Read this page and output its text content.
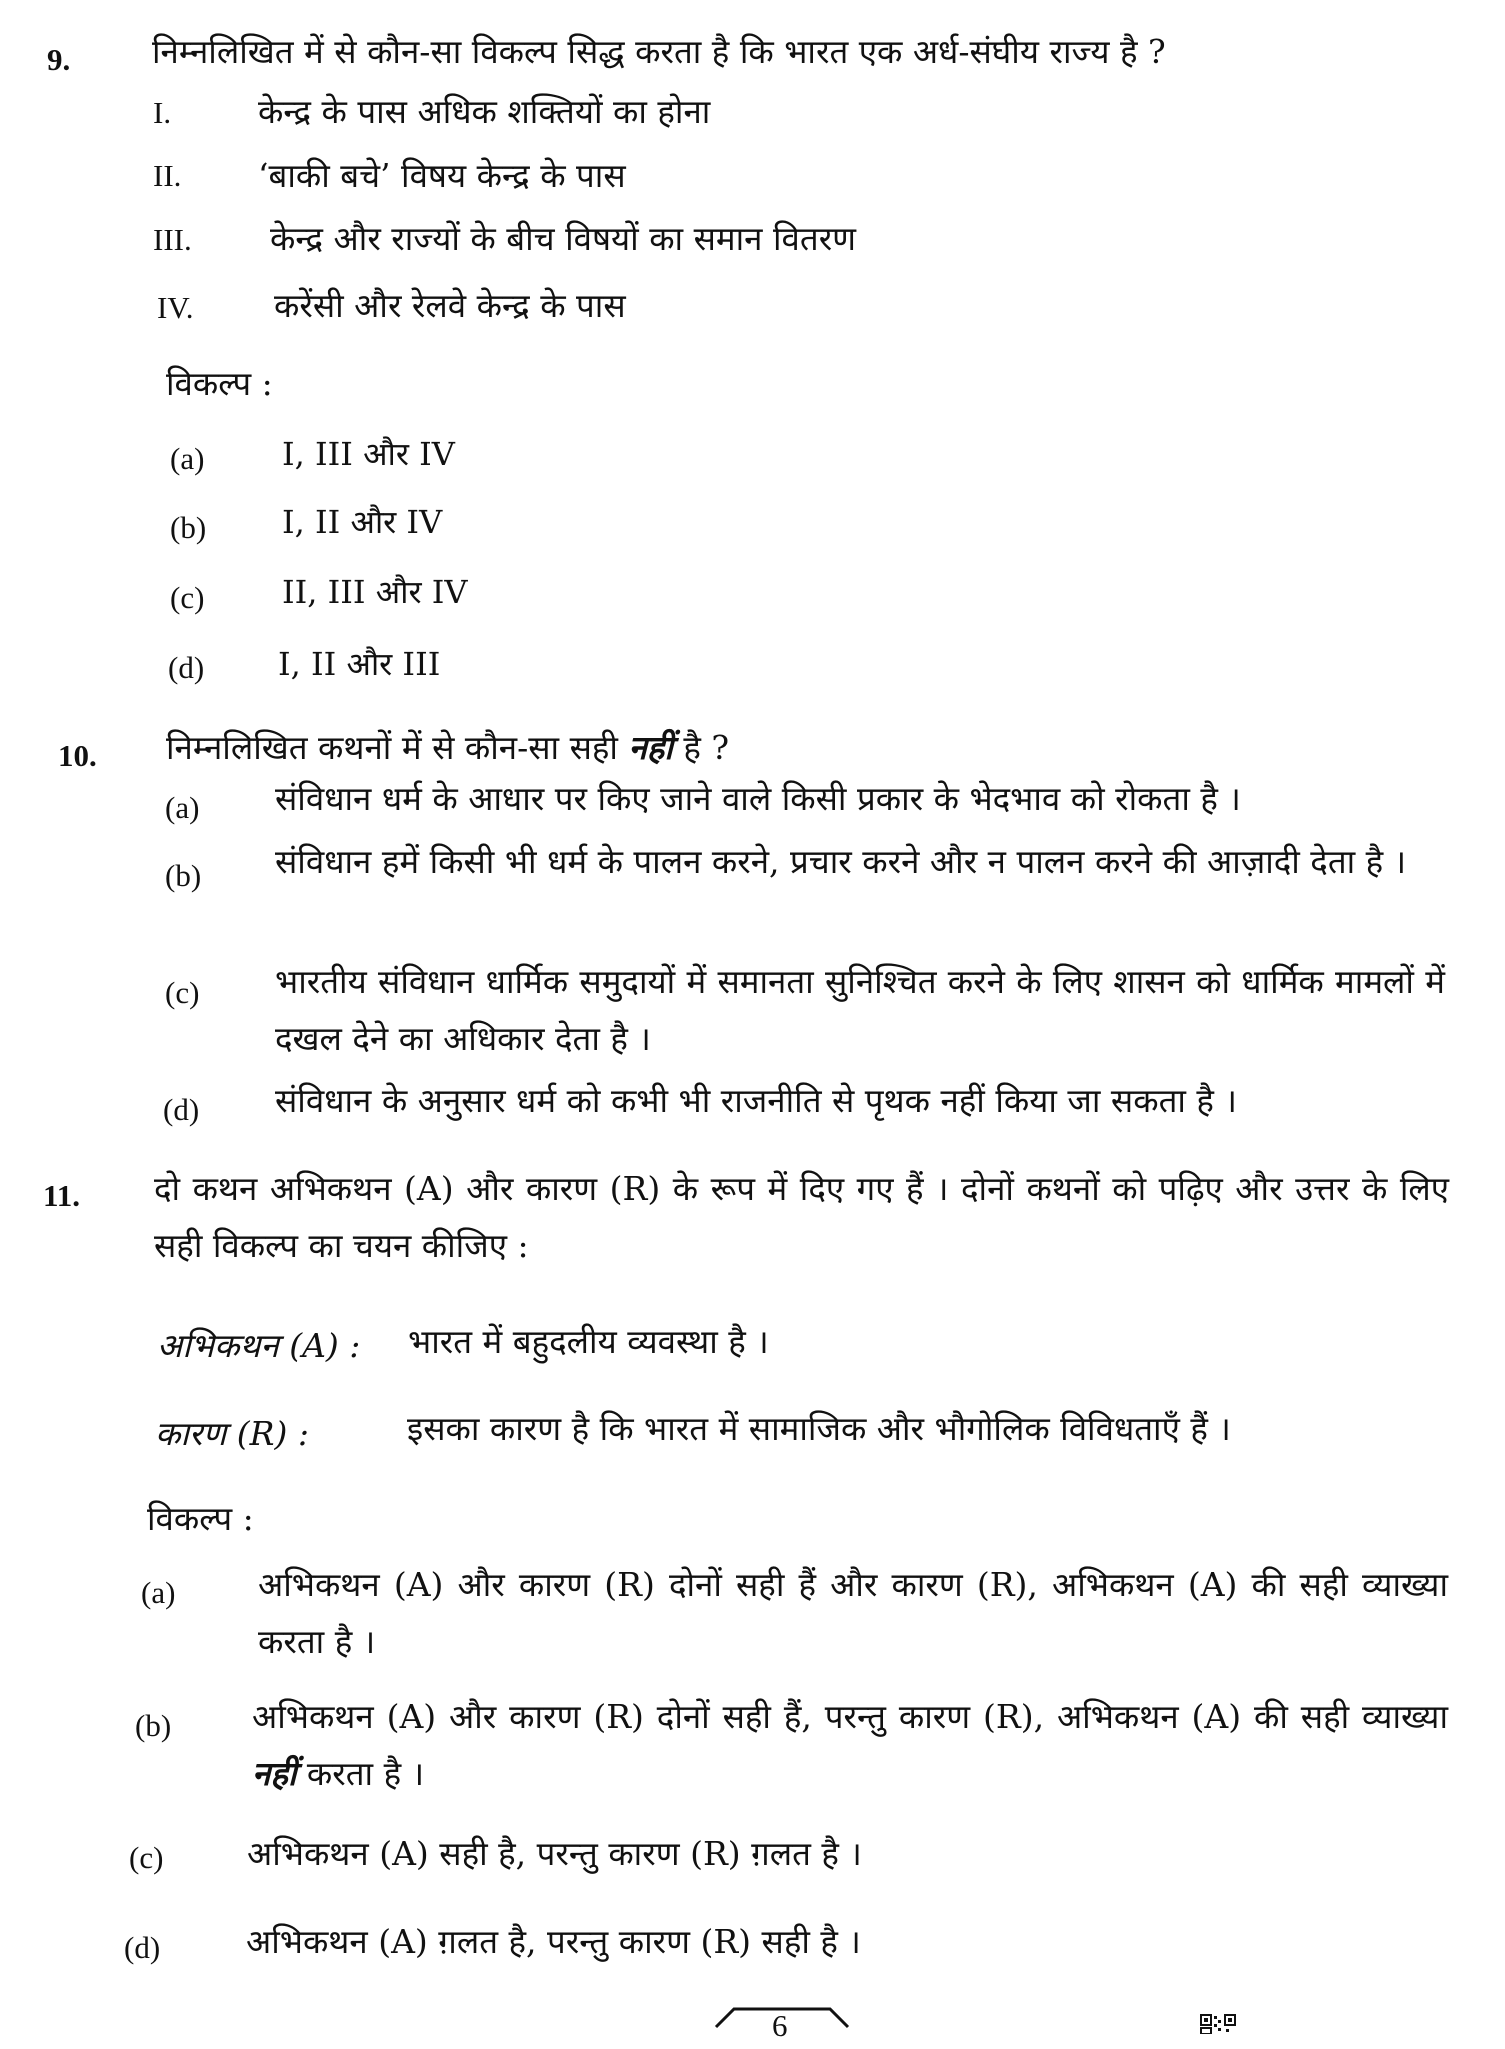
9. निम्नलिखित में से कौन-सा विकल्प सिद्ध करता है कि भारत एक अर्ध-संघीय राज्य है ?
I.	केन्द्र के पास अधिक शक्तियों का होना
II. ‘बाकी बचे’ विषय केन्द्र के पास
III. केन्द्र और राज्यों के बीच विषयों का समान वितरण
IV. करेंसी और रेलवे केन्द्र के पास
विकल्प :
(a) I, III और IV
(b) I, II और IV
(c) II, III और IV
(d) I, II और III
10. निम्नलिखित कथनों में से कौन-सा सही नहीं है ?
(a) संविधान धर्म के आधार पर किए जाने वाले किसी प्रकार के भेदभाव को रोकता है ।
(b) संविधान हमें किसी भी धर्म के पालन करने, प्रचार करने और न पालन करने की आज़ादी देता है ।
(c) भारतीय संविधान धार्मिक समुदायों में समानता सुनिश्चित करने के लिए शासन को धार्मिक मामलों में दखल देने का अधिकार देता है ।
(d) संविधान के अनुसार धर्म को कभी भी राजनीति से पृथक नहीं किया जा सकता है ।
11. दो कथन अभिकथन (A) और कारण (R) के रूप में दिए गए हैं । दोनों कथनों को पढ़िए और उत्तर के लिए सही विकल्प का चयन कीजिए :
अभिकथन (A) : भारत में बहुदलीय व्यवस्था है ।
कारण (R) :	इसका कारण है कि भारत में सामाजिक और भौगोलिक विविधताएँ हैं ।
विकल्प :
(a)	अभिकथन (A) और कारण (R) दोनों सही हैं और कारण (R), अभिकथन (A) की सही व्याख्या करता है ।
(b) अभिकथन (A) और कारण (R) दोनों सही हैं, परन्तु कारण (R), अभिकथन (A) की सही व्याख्या नहीं करता है ।
(c)	अभिकथन (A) सही है, परन्तु कारण (R) ग़लत है ।
(d)	अभिकथन (A) ग़लत है, परन्तु कारण (R) सही है ।
6
